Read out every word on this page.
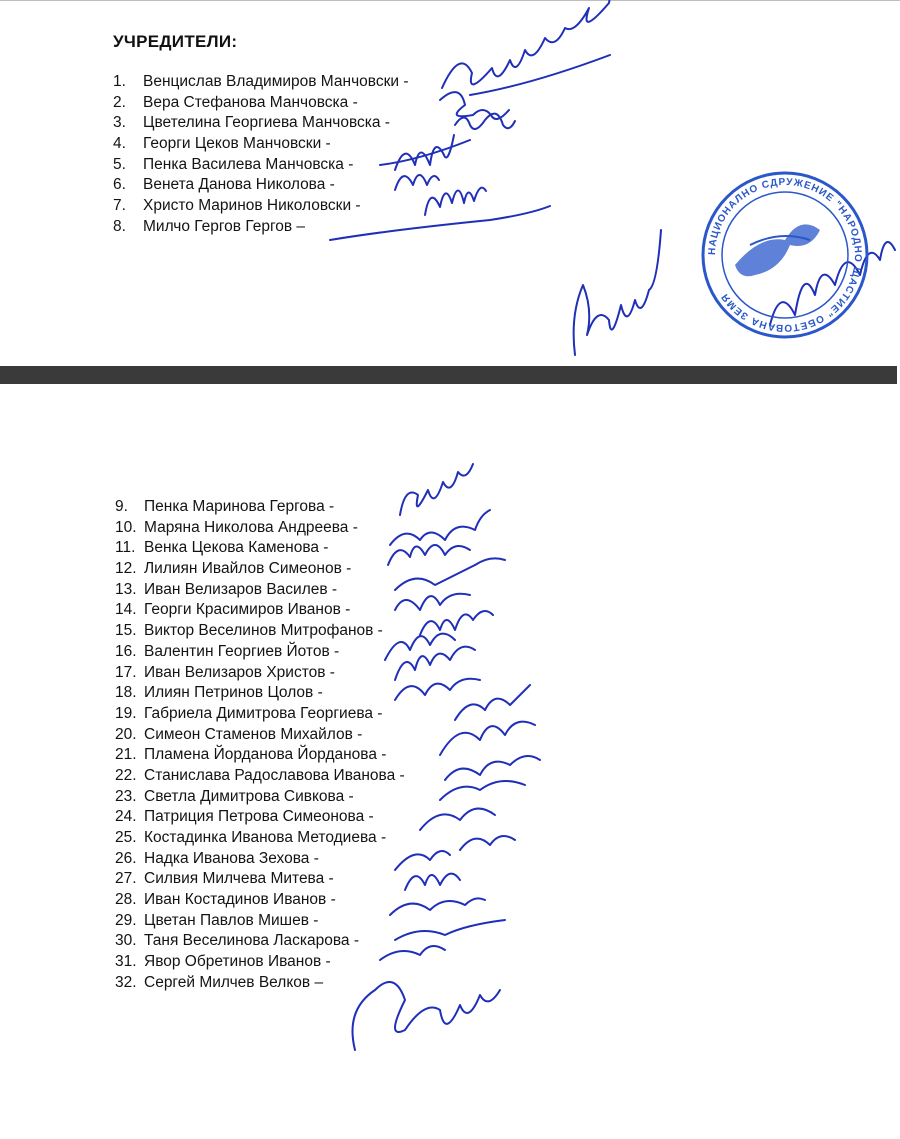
УЧРЕДИТЕЛИ:
1. Венцислав Владимиров Манчовски -
2. Вера Стефанова Манчовска -
3. Цветелина Георгиева Манчовска -
4. Георги Цеков Манчовски -
5. Пенка Василева Манчовска -
6. Венета Данова Николова -
7. Христо Маринов Николовски -
8. Милчо Гергов Гергов –
9. Пенка Маринова Гергова -
10. Маряна Николова Андреева -
11. Венка Цекова Каменова -
12. Лилиян Ивайлов Симеонов -
13. Иван Велизаров Василев -
14. Георги Красимиров Иванов -
15. Виктор Веселинов Митрофанов -
16. Валентин Георгиев Йотов -
17. Иван Велизаров Христов -
18. Илиян Петринов Цолов -
19. Габриела Димитрова Георгиева -
20. Симеон Стаменов Михайлов -
21. Пламена Йорданова Йорданова -
22. Станислава Радославова Иванова -
23. Светла Димитрова Сивкова -
24. Патриция Петрова Симеонова -
25. Костадинка Иванова Методиева -
26. Надка Иванова Зехова -
27. Силвия Милчева Митева -
28. Иван Костадинов Иванов -
29. Цветан Павлов Мишев -
30. Таня Веселинова Ласкарова -
31. Явор Обретинов Иванов -
32. Сергей Милчев Велков –
НАЦИОНАЛНО СДРУЖЕНИЕ "НАРОДНО ЩАСТИЕ" ОБЕТОВАНА ЗЕМЯ
